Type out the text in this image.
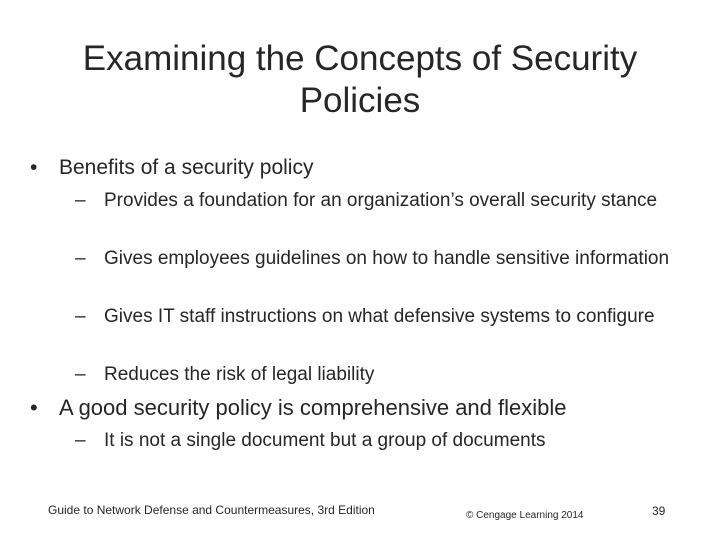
Examining the Concepts of Security Policies
• Benefits of a security policy
– Provides a foundation for an organization’s overall security stance
– Gives employees guidelines on how to handle sensitive information
– Gives IT staff instructions on what defensive systems to configure
– Reduces the risk of legal liability
• A good security policy is comprehensive and flexible
– It is not a single document but a group of documents
Guide to Network Defense and Countermeasures, 3rd Edition	© Cengage Learning 2014	39
